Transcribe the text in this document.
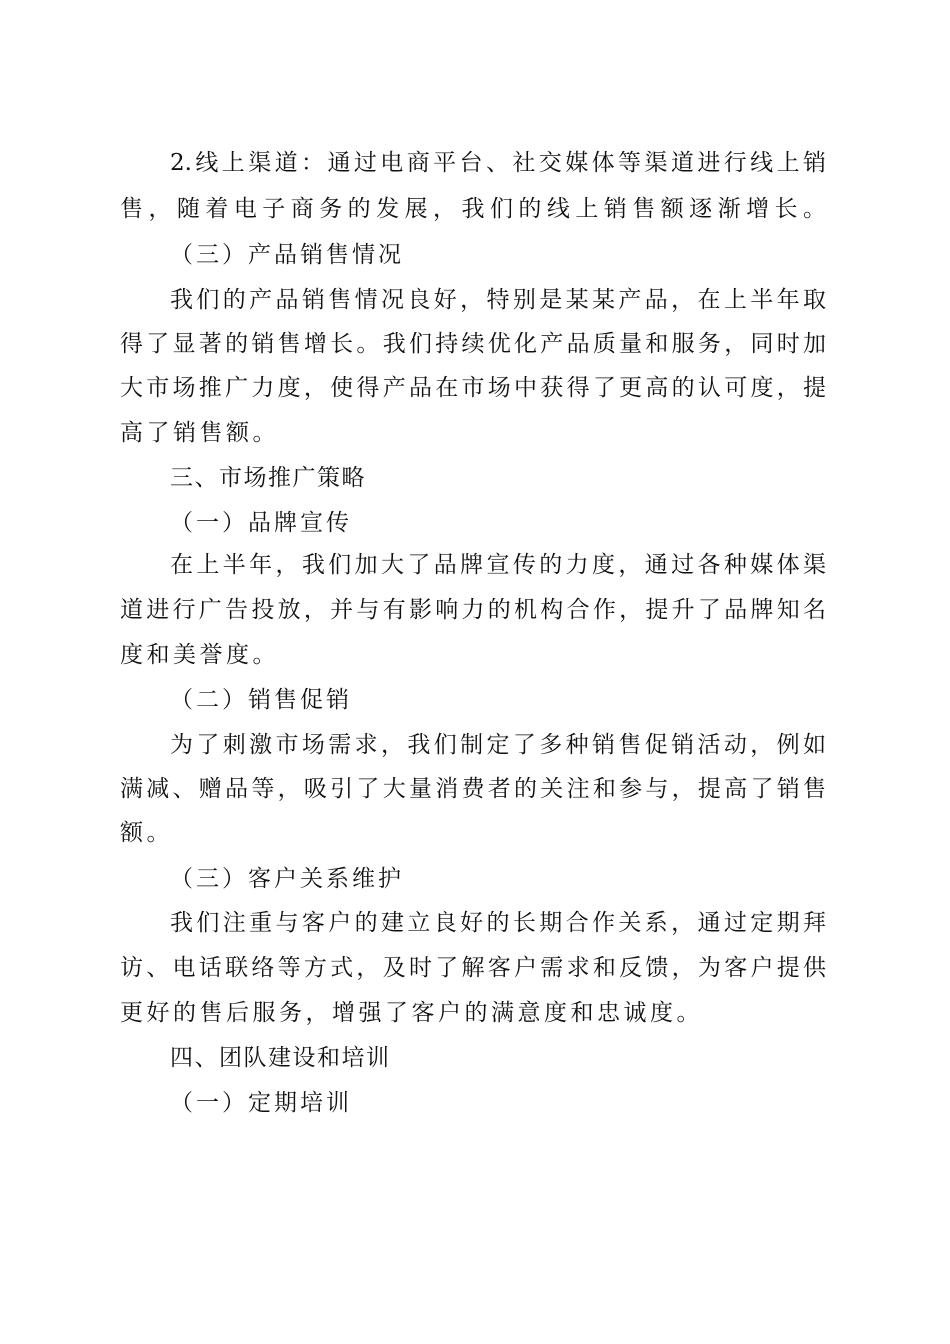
2.线上渠道：通过电商平台、社交媒体等渠道进行线上销
售，随着电子商务的发展，我们的线上销售额逐渐增长。
（三）产品销售情况
我们的产品销售情况良好，特别是某某产品，在上半年取
得了显著的销售增长。我们持续优化产品质量和服务，同时加
大市场推广力度，使得产品在市场中获得了更高的认可度，提
高了销售额。
三、市场推广策略
（一）品牌宣传
在上半年，我们加大了品牌宣传的力度，通过各种媒体渠
道进行广告投放，并与有影响力的机构合作，提升了品牌知名
度和美誉度。
（二）销售促销
为了刺激市场需求，我们制定了多种销售促销活动，例如
满减、赠品等，吸引了大量消费者的关注和参与，提高了销售
额。
（三）客户关系维护
我们注重与客户的建立良好的长期合作关系，通过定期拜
访、电话联络等方式，及时了解客户需求和反馈，为客户提供
更好的售后服务，增强了客户的满意度和忠诚度。
四、团队建设和培训
（一）定期培训
